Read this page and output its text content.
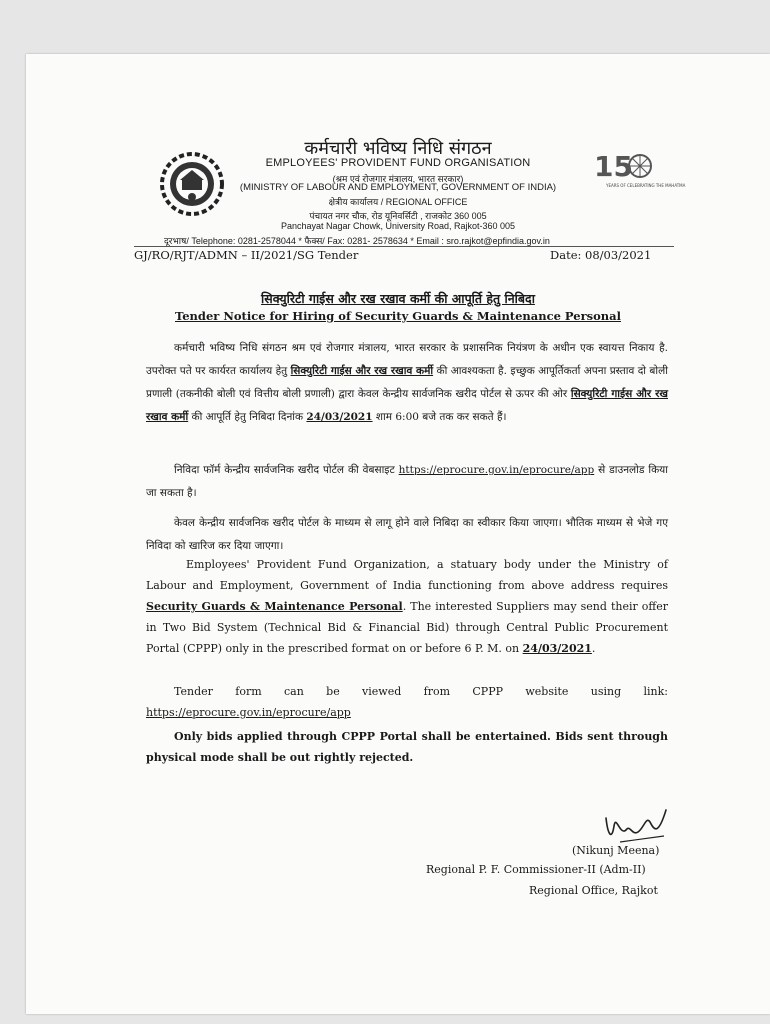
15
YEARS OF CELEBRATING THE MAHATMA
कर्मचारी भविष्य निधि संगठन
EMPLOYEES' PROVIDENT FUND ORGANISATION
(श्रम एवं रोजगार मंत्रालय, भारत सरकार)
(MINISTRY OF LABOUR AND EMPLOYMENT, GOVERNMENT OF INDIA)
क्षेत्रीय कार्यालय / REGIONAL OFFICE
पंचायत नगर चौक, रोड यूनिवर्सिटी , राजकोट 360 005
Panchayat Nagar Chowk, University Road, Rajkot-360 005
दूरभाष/ Telephone: 0281-2578044 * फैक्स/ Fax: 0281- 2578634 * Email : sro.rajkot@epfindia.gov.in
GJ/RO/RJT/ADMN – II/2021/SG Tender	Date: 08/03/2021
सिक्युरिटी गाईस और रख रखाव कर्मी की आपूर्ति हेतु निबिदा
Tender Notice for Hiring of Security Guards & Maintenance Personal
कर्मचारी भविष्य निधि संगठन श्रम एवं रोजगार मंत्रालय, भारत सरकार के प्रशासनिक नियंत्रण के अधीन एक स्वायत्त निकाय है. उपरोक्त पते पर कार्यरत कार्यालय हेतु सिक्युरिटी गाईस और रख रखाव कर्मी की आवश्यकता है. इच्छुक आपूर्तिकर्ता अपना प्रस्ताव दो बोली प्रणाली (तकनीकी बोली एवं वित्तीय बोली प्रणाली) द्वारा केवल केन्द्रीय सार्वजनिक खरीद पोर्टल से ऊपर की ओर सिक्युरिटी गाईस और रख रखाव कर्मी की आपूर्ति हेतु निबिदा दिनांक 24/03/2021 शाम 6:00 बजे तक कर सकते हैं।
निविदा फॉर्म केन्द्रीय सार्वजनिक खरीद पोर्टल की वेबसाइट https://eprocure.gov.in/eprocure/app से डाउनलोड किया जा सकता है।
केवल केन्द्रीय सार्वजनिक खरीद पोर्टल के माध्यम से लागू होने वाले निबिदा का स्वीकार किया जाएगा। भौतिक माध्यम से भेजे गए निविदा को खारिज कर दिया जाएगा।
Employees' Provident Fund Organization, a statuary body under the Ministry of Labour and Employment, Government of India functioning from above address requires Security Guards & Maintenance Personal. The interested Suppliers may send their offer in Two Bid System (Technical Bid & Financial Bid) through Central Public Procurement Portal (CPPP) only in the prescribed format on or before 6 P. M. on 24/03/2021.
Tender form can be viewed from CPPP website using link: https://eprocure.gov.in/eprocure/app
Only bids applied through CPPP Portal shall be entertained. Bids sent through physical mode shall be out rightly rejected.
(Nikunj Meena)
Regional P. F. Commissioner-II (Adm-II)
Regional Office, Rajkot
